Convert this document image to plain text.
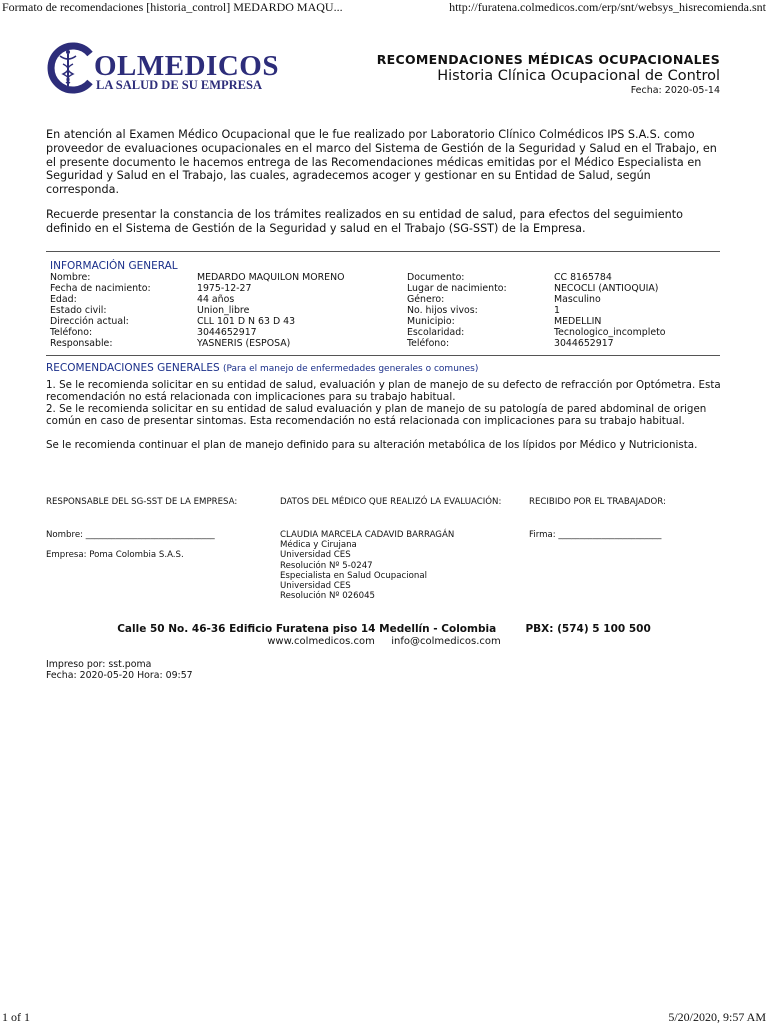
Formato de recomendaciones [historia_control] MEDARDO MAQU...	http://furatena.colmedicos.com/erp/snt/websys_hisrecomienda.snt
1 of 1	5/20/2020, 9:57 AM
OLMEDICOS
LA SALUD DE SU EMPRESA
RECOMENDACIONES MÉDICAS OCUPACIONALES
Historia Clínica Ocupacional de Control
Fecha: 2020-05-14
En atención al Examen Médico Ocupacional que le fue realizado por Laboratorio Clínico Colmédicos IPS S.A.S. como proveedor de evaluaciones ocupacionales en el marco del Sistema de Gestión de la Seguridad y Salud en el Trabajo, en el presente documento le hacemos entrega de las Recomendaciones médicas emitidas por el Médico Especialista en Seguridad y Salud en el Trabajo, las cuales, agradecemos acoger y gestionar en su Entidad de Salud, según corresponda.
Recuerde presentar la constancia de los trámites realizados en su entidad de salud, para efectos del seguimiento definido en el Sistema de Gestión de la Seguridad y salud en el Trabajo (SG-SST) de la Empresa.
INFORMACIÓN GENERAL
Nombre:	MEDARDO MAQUILON MORENO	Documento:	CC 8165784
Fecha de nacimiento:	1975-12-27	Lugar de nacimiento:	NECOCLI (ANTIOQUIA)
Edad:	44 años	Género:	Masculino
Estado civil:	Union_libre	No. hijos vivos:	1
Dirección actual:	CLL 101 D N 63 D 43	Municipio:	MEDELLIN
Teléfono:	3044652917	Escolaridad:	Tecnologico_incompleto
Responsable:	YASNERIS (ESPOSA)	Teléfono:	3044652917
RECOMENDACIONES GENERALES (Para el manejo de enfermedades generales o comunes)

1. Se le recomienda solicitar en su entidad de salud, evaluación y plan de manejo de su defecto de refracción por Optómetra. Esta recomendación no está relacionada con implicaciones para su trabajo habitual.

2. Se le recomienda solicitar en su entidad de salud evaluación y plan de manejo de su patología de pared abdominal de origen común en caso de presentar sintomas. Esta recomendación no está relacionada con implicaciones para su trabajo habitual.

Se le recomienda continuar el plan de manejo definido para su alteración metabólica de los lípidos por Médico y Nutricionista.

RESPONSABLE DEL SG-SST DE LA EMPRESA:	DATOS DEL MÉDICO QUE REALIZÓ LA EVALUACIÓN:	RECIBIDO POR EL TRABAJADOR:
Nombre: ______________________________
Empresa: Poma Colombia S.A.S.
CLAUDIA MARCELA CADAVID BARRAGÁN
Médica y Cirujana
Universidad CES
Resolución Nº 5-0247
Especialista en Salud Ocupacional
Universidad CES
Resolución Nº 026045
Firma: ________________________
Calle 50 No. 46-36 Edificio Furatena piso 14 Medellín - Colombia	PBX: (574) 5 100 500
www.colmedicos.com info@colmedicos.com
Impreso por: sst.poma
Fecha: 2020-05-20 Hora: 09:57
